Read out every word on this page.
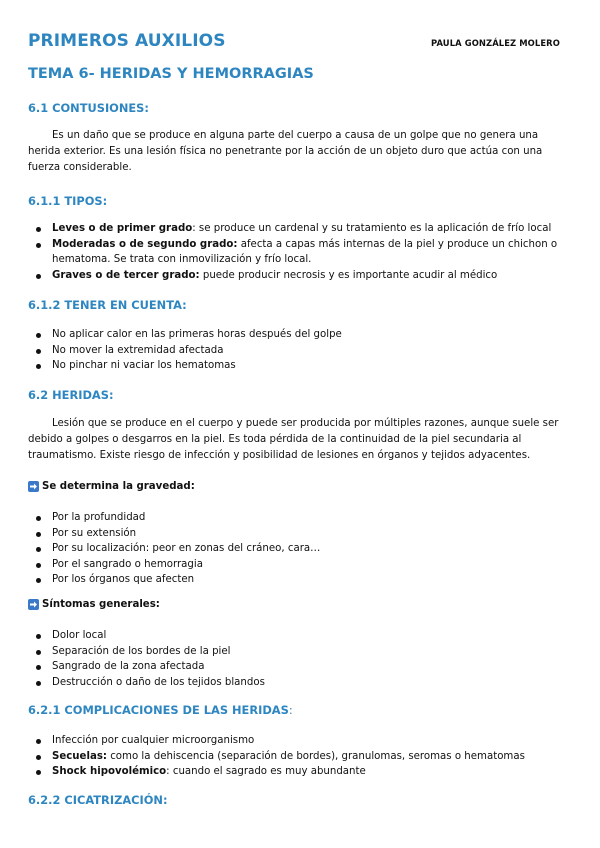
PRIMEROS AUXILIOS	PAULA GONZÁLEZ MOLERO
TEMA 6- HERIDAS Y HEMORRAGIAS
6.1 CONTUSIONES:
Es un daño que se produce en alguna parte del cuerpo a causa de un golpe que no genera una herida exterior. Es una lesión física no penetrante por la acción de un objeto duro que actúa con una fuerza considerable.
6.1.1 TIPOS:
Leves o de primer grado: se produce un cardenal y su tratamiento es la aplicación de frío local
Moderadas o de segundo grado: afecta a capas más internas de la piel y produce un chichon o hematoma. Se trata con inmovilización y frío local.
Graves o de tercer grado: puede producir necrosis y es importante acudir al médico
6.1.2 TENER EN CUENTA:
No aplicar calor en las primeras horas después del golpe
No mover la extremidad afectada
No pinchar ni vaciar los hematomas
6.2 HERIDAS:
Lesión que se produce en el cuerpo y puede ser producida por múltiples razones, aunque suele ser debido a golpes o desgarros en la piel. Es toda pérdida de la continuidad de la piel secundaria al traumatismo. Existe riesgo de infección y posibilidad de lesiones en órganos y tejidos adyacentes.
Se determina la gravedad:
Por la profundidad
Por su extensión
Por su localización: peor en zonas del cráneo, cara…
Por el sangrado o hemorragia
Por los órganos que afecten
Síntomas generales:
Dolor local
Separación de los bordes de la piel
Sangrado de la zona afectada
Destrucción o daño de los tejidos blandos
6.2.1 COMPLICACIONES DE LAS HERIDAS:
Infección por cualquier microorganismo
Secuelas: como la dehiscencia (separación de bordes), granulomas, seromas o hematomas
Shock hipovolémico: cuando el sagrado es muy abundante
6.2.2 CICATRIZACIÓN:
